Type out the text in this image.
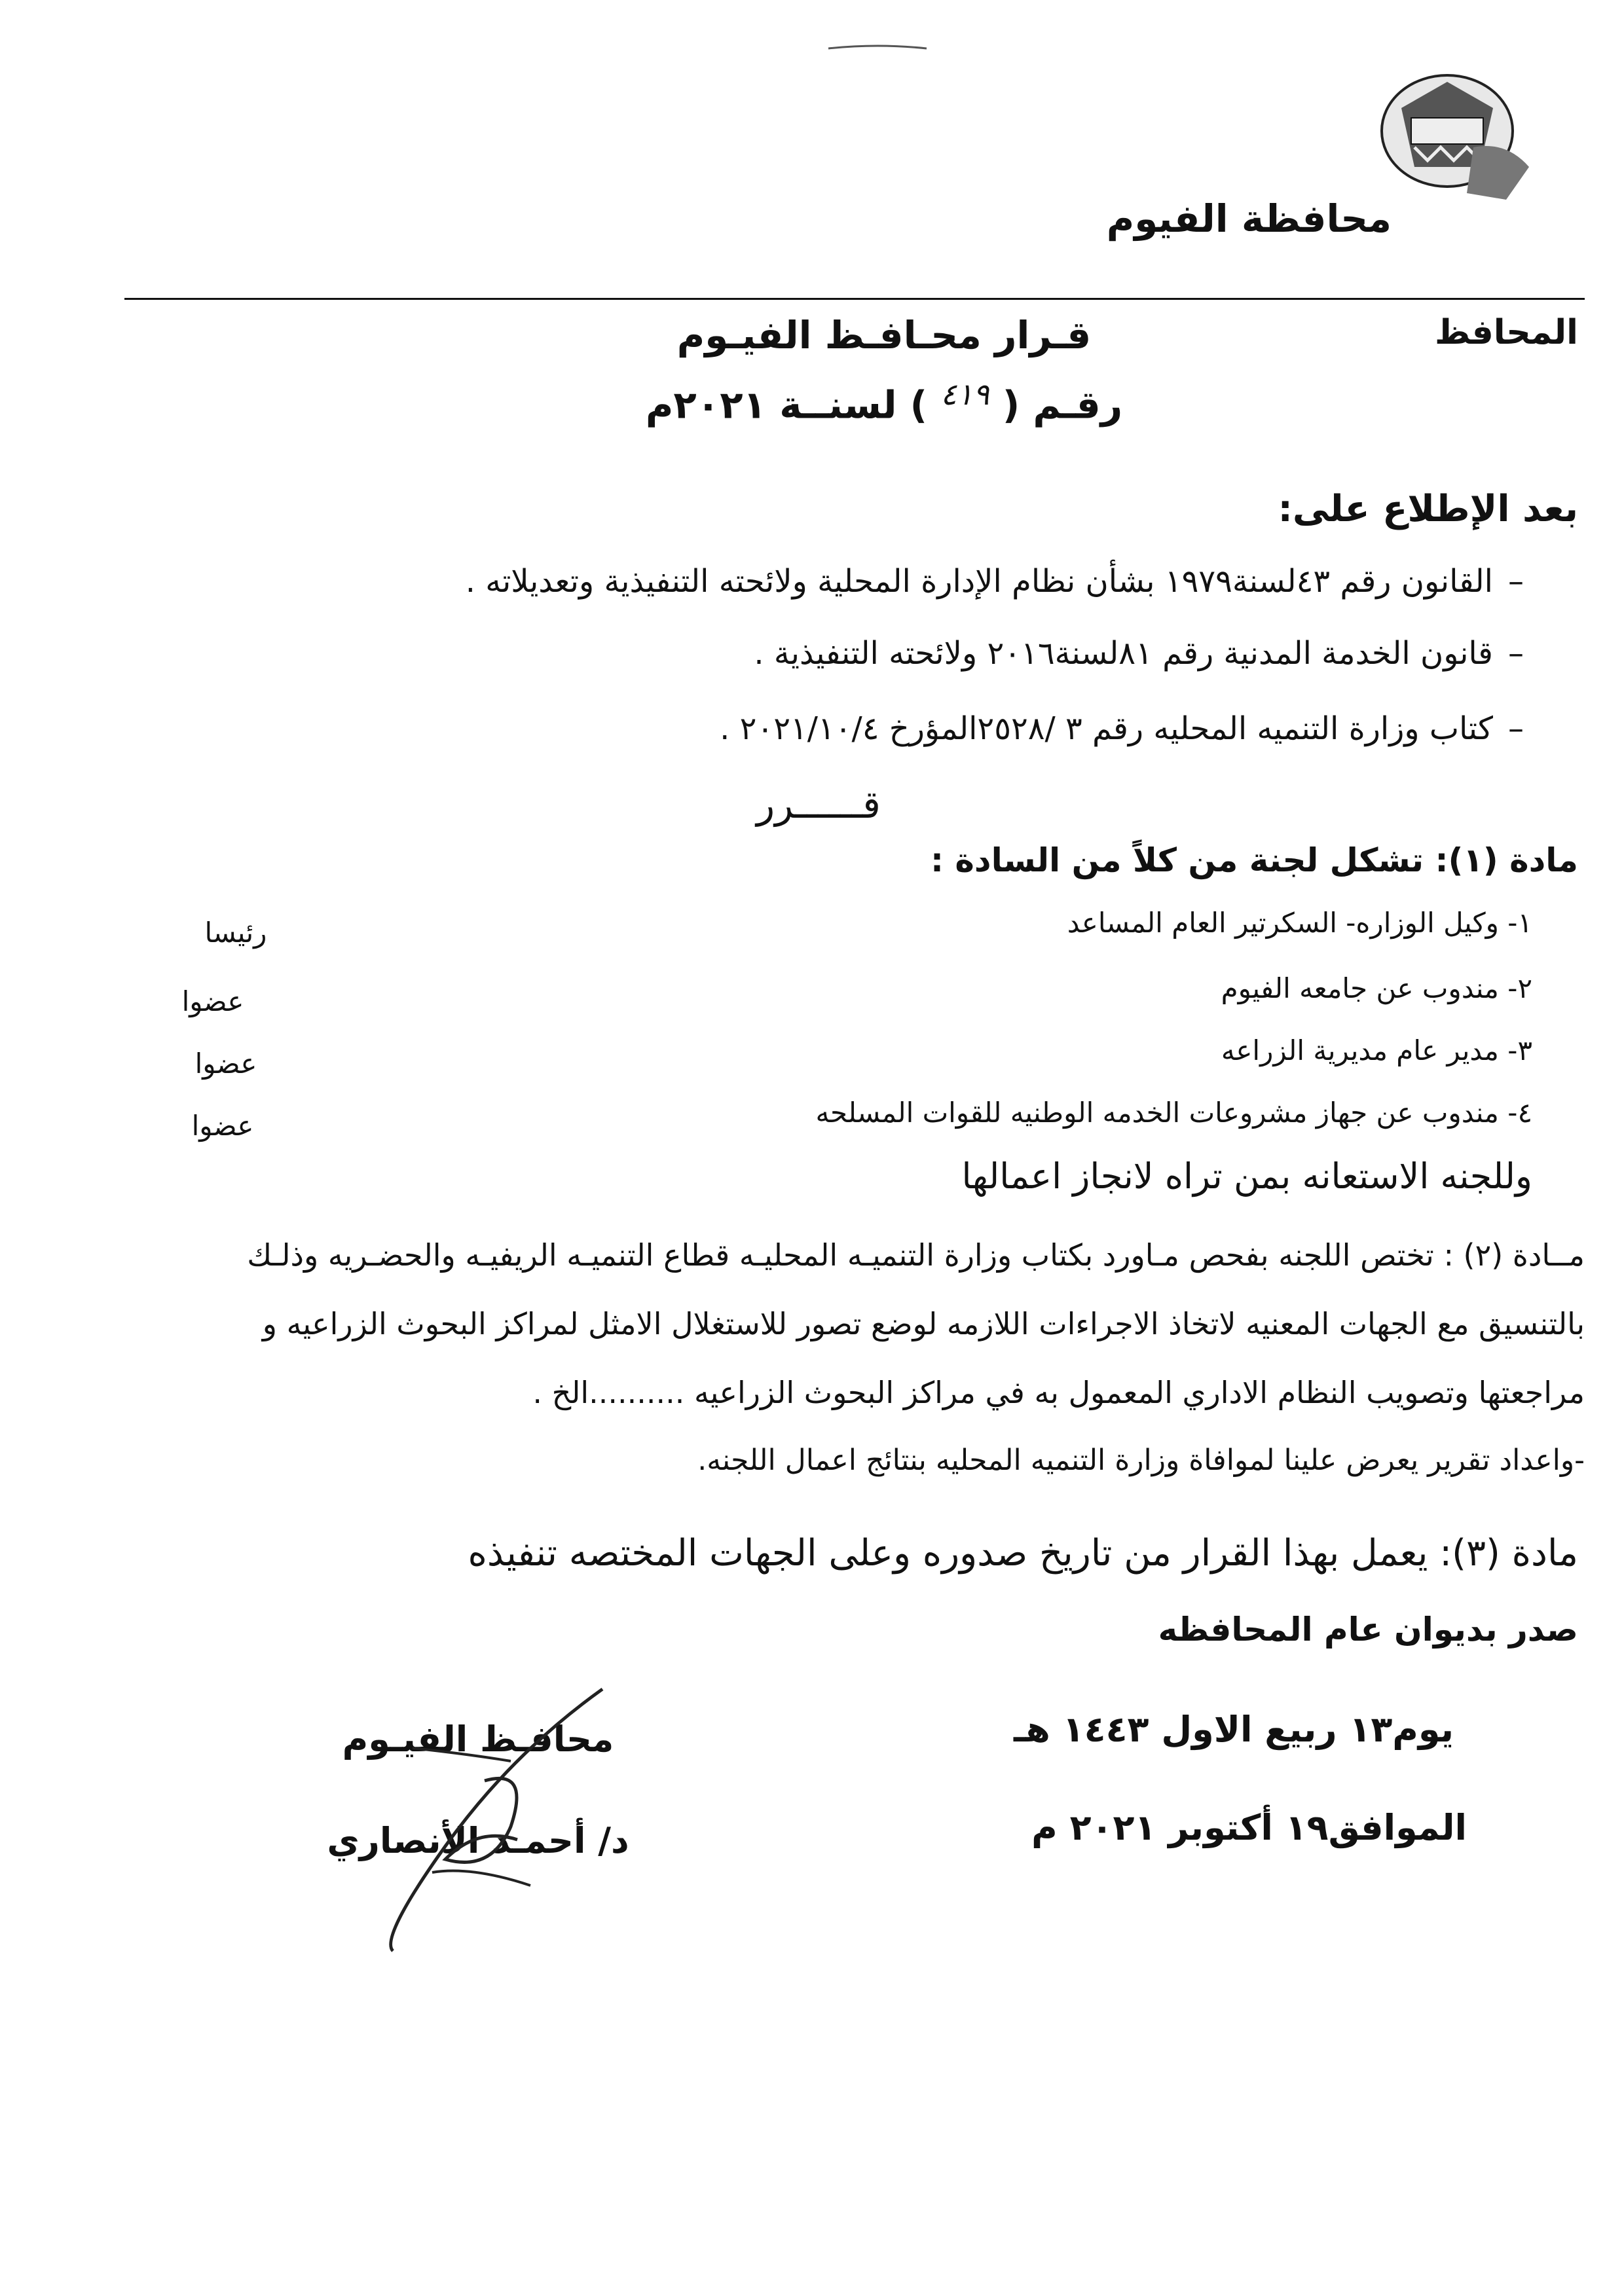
محافظة الفيوم
المحافظ
قـرار محـافـظ الفيـوم
رقـم ( $^{٤١٩}$ ) لسنــة ٢٠٢١م
بعد الإطلاع على:
–القانون رقم ٤٣لسنة١٩٧٩ بشأن نظام الإدارة المحلية ولائحته التنفيذية وتعديلاته .
–قانون الخدمة المدنية رقم ٨١لسنة٢٠١٦ ولائحته التنفيذية .
–كتاب وزارة التنميه المحليه رقم ٣ /٢٥٢٨المؤرخ ٢٠٢١/١٠/٤ .
قــــــرر
مادة (١): تشكل لجنة من كلاً من السادة :
١- وكيل الوزاره- السكرتير العام المساعد
رئيسا
٢- مندوب عن جامعه الفيوم
عضوا
٣- مدير عام مديرية الزراعه
عضوا
٤- مندوب عن جهاز مشروعات الخدمه الوطنيه للقوات المسلحه
عضوا
وللجنه الاستعانه بمن تراه لانجاز اعمالها
مــادة (٢) : تختص اللجنه بفحص مـاورد بكتاب وزارة التنميـه المحليـه قطاع التنميـه الريفيـه والحضـريه وذلـك
بالتنسيق مع الجهات المعنيه لاتخاذ الاجراءات اللازمه لوضع تصور للاستغلال الامثل لمراكز البحوث الزراعيه و
مراجعتها وتصويب النظام الاداري المعمول به في مراكز البحوث الزراعيه ..........الخ .
-واعداد تقرير يعرض علينا لموافاة وزارة التنميه المحليه بنتائج اعمال اللجنه.
مادة (٣): يعمل بهذا القرار من تاريخ صدوره وعلى الجهات المختصه تنفيذه
صدر بديوان عام المحافظه
يوم١٣ ربيع الاول ١٤٤٣ هـ
الموافق١٩ أكتوبر ٢٠٢١ م
محافـظ الفيـوم
د/ أحمـد الأنصاري
